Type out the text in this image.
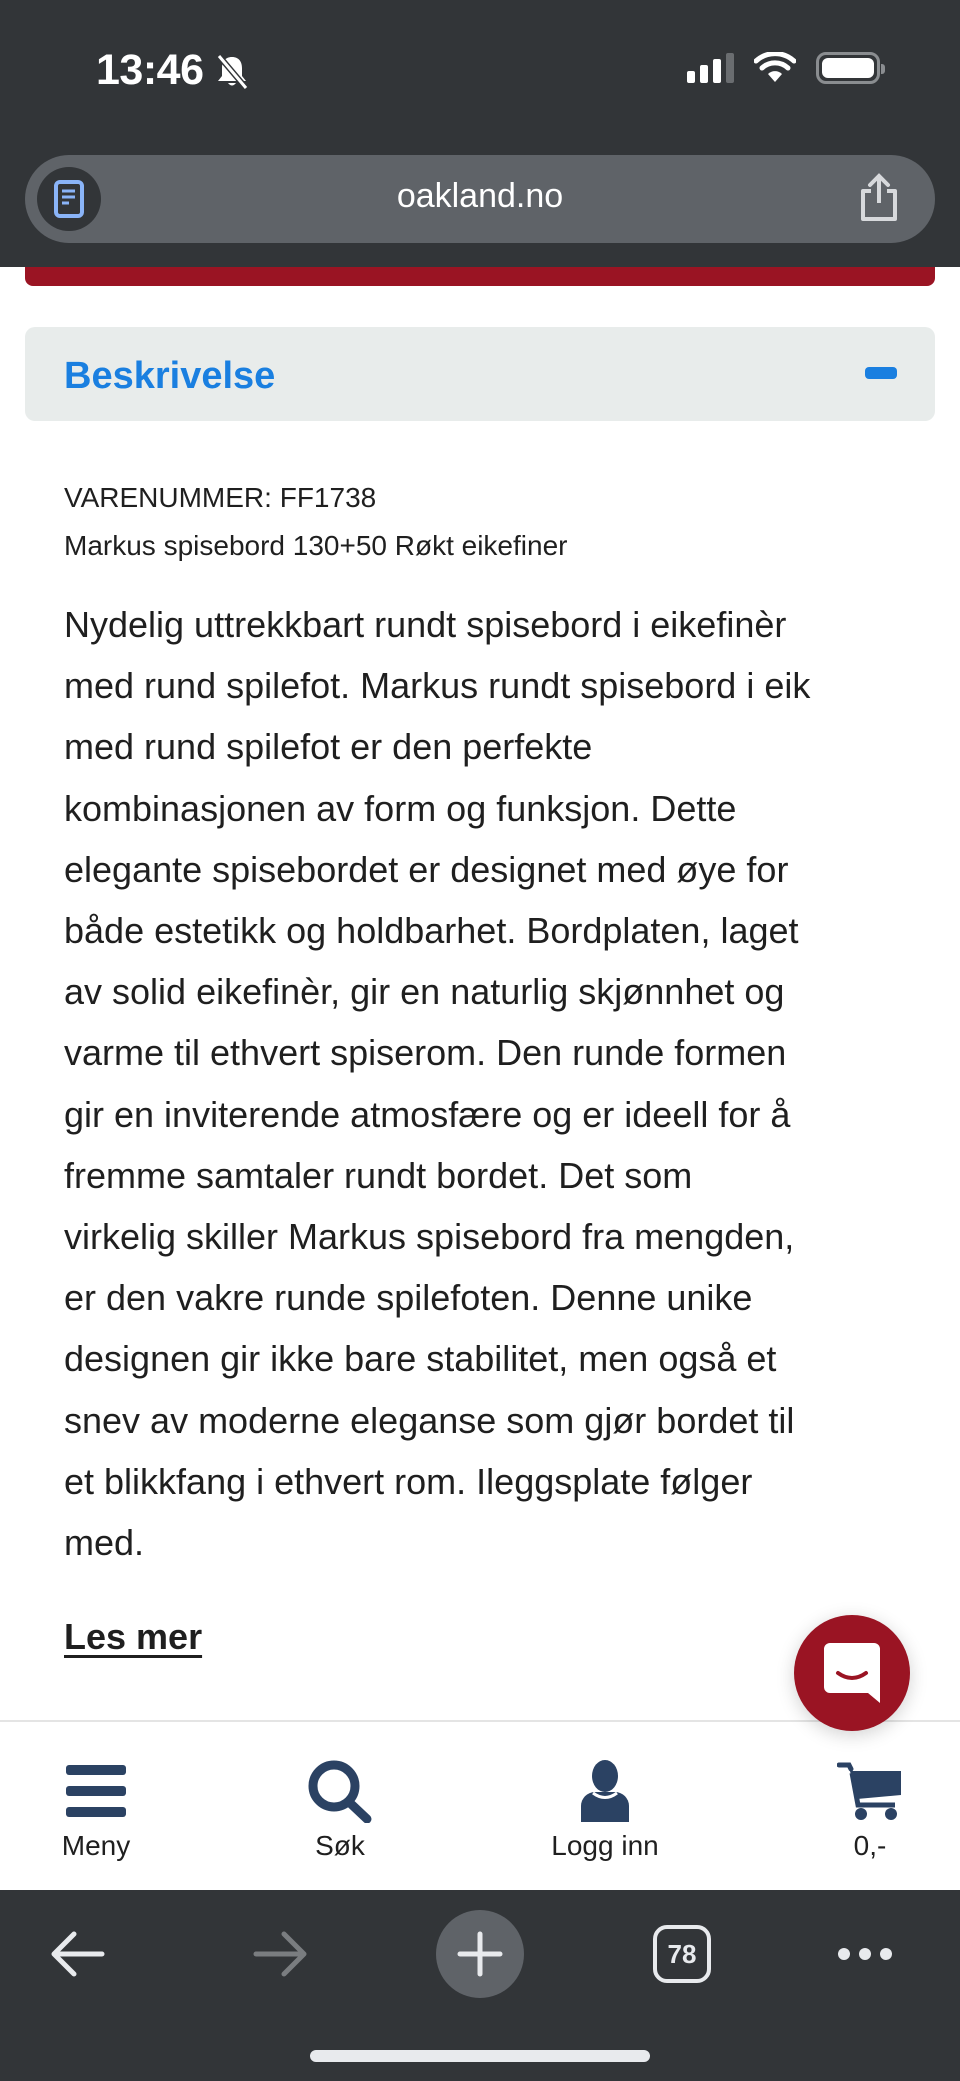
13:46
oakland.no
Beskrivelse
VARENUMMER: FF1738
Markus spisebord 130+50 Røkt eikefiner
Nydelig uttrekkbart rundt spisebord i eikefinèr
med rund spilefot. Markus rundt spisebord i eik
med rund spilefot er den perfekte
kombinasjonen av form og funksjon. Dette
elegante spisebordet er designet med øye for
både estetikk og holdbarhet. Bordplaten, laget
av solid eikefinèr, gir en naturlig skjønnhet og
varme til ethvert spiserom. Den runde formen
gir en inviterende atmosfære og er ideell for å
fremme samtaler rundt bordet. Det som
virkelig skiller Markus spisebord fra mengden,
er den vakre runde spilefoten. Denne unike
designen gir ikke bare stabilitet, men også et
snev av moderne eleganse som gjør bordet til
et blikkfang i ethvert rom. Ileggsplate følger
med.
Les mer
Meny	Søk	Logg inn	0,-
78
